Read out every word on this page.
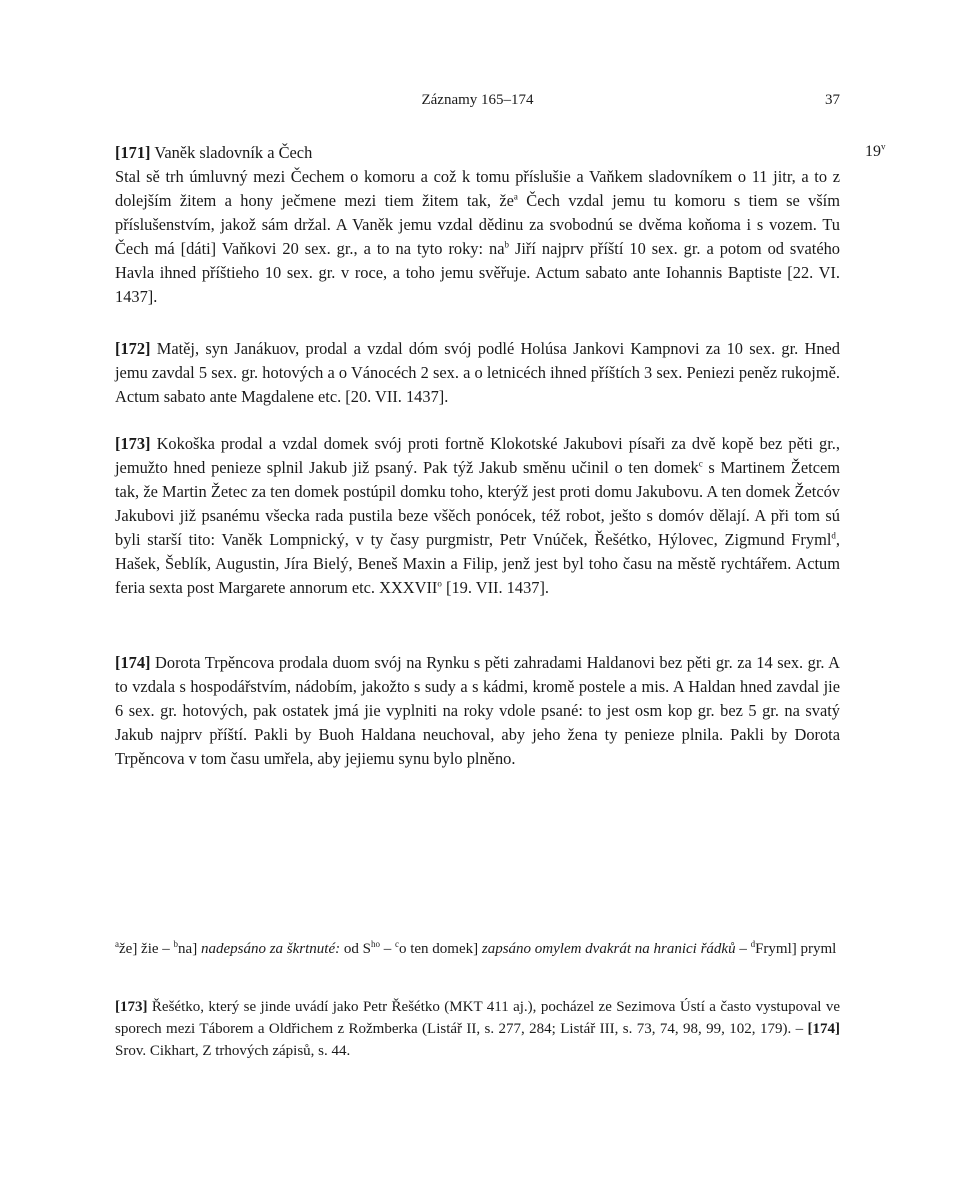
Záznamy 165–174	37
19$^v$
[171] Vaněk sladovník a Čech
Stal sě trh úmluvný mezi Čechem o komoru a což k tomu příslušie a Vaňkem sladovníkem o 11 jitr, a to z dolejším žitem a hony ječmene mezi tiem žitem tak, $že^a$ Čech vzdal jemu tu komoru s tiem se vším příslušenstvím, jakož sám držal. A Vaněk jemu vzdal dědinu za svobodnú se dvěma koňoma i s vozem. Tu Čech má [dáti] Vaňkovi 20 sex. gr., a to na tyto roky: $na^b$ Jiří najprv příští 10 sex. gr. a potom od svatého Havla ihned příštieho 10 sex. gr. v roce, a toho jemu svěřuje. Actum sabato ante Iohannis Baptiste [22. VI. 1437].
[172] Matěj, syn Janákuov, prodal a vzdal dóm svój podlé Holúsa Jankovi Kampnovi za 10 sex. gr. Hned jemu zavdal 5 sex. gr. hotových a o Vánocéch 2 sex. a o letnicéch ihned příštích 3 sex. Peniezi peněz rukojmě. Actum sabato ante Magdalene etc. [20. VII. 1437].
[173] Kokoška prodal a vzdal domek svój proti fortně Klokotské Jakubovi písaři za dvě kopě bez pěti gr., jemužto hned penieze splnil Jakub již psaný. Pak týž Jakub směnu učinil o ten domek$^c$ s Martinem Žetcem tak, že Martin Žetec za ten domek postúpil domku toho, kterýž jest proti domu Jakubovu. A ten domek Žetcóv Jakubovi již psanému všecka rada pustila beze všěch ponócek, též robot, ješto s domóv dělají. A při tom sú byli starší tito: Vaněk Lompnický, v ty časy purgmistr, Petr Vnúček, Řešétko, Hýlovec, Zigmund Fryml$^d$, Hašek, Šeblík, Augustin, Jíra Bielý, Beneš Maxin a Filip, jenž jest byl toho času na městě rychtářem. Actum feria sexta post Margarete annorum etc. XXXVII$^o$ [19. VII. 1437].
[174] Dorota Trpěncova prodala duom svój na Rynku s pěti zahradami Haldanovi bez pěti gr. za 14 sex. gr. A to vzdala s hospodářstvím, nádobím, jakožto s sudy a s kádmi, kromě postele a mis. A Haldan hned zavdal jie 6 sex. gr. hotových, pak ostatek jmá jie vyplniti na roky vdole psané: to jest osm kop gr. bez 5 gr. na svatý Jakub najprv příští. Pakli by Buoh Haldana neuchoval, aby jeho žena ty penieze plnila. Pakli by Dorota Trpěncova v tom času umřela, aby jejiemu synu bylo plněno.
$^a$že] žie – $^b$na] nadepsáno za škrtnuté: od $S^{ho} - ^co$ ten domek] zapsáno omylem dvakrát na hranici řádků – $^d$Fryml] pryml
[173] Řešétko, který se jinde uvádí jako Petr Řešétko (MKT 411 aj.), pocházel ze Sezimova Ústí a často vystupoval ve sporech mezi Táborem a Oldřichem z Rožmberka (Listář II, s. 277, 284; Listář III, s. 73, 74, 98, 99, 102, 179). – [174] Srov. Cikhart, Z trhových zápisů, s. 44.
